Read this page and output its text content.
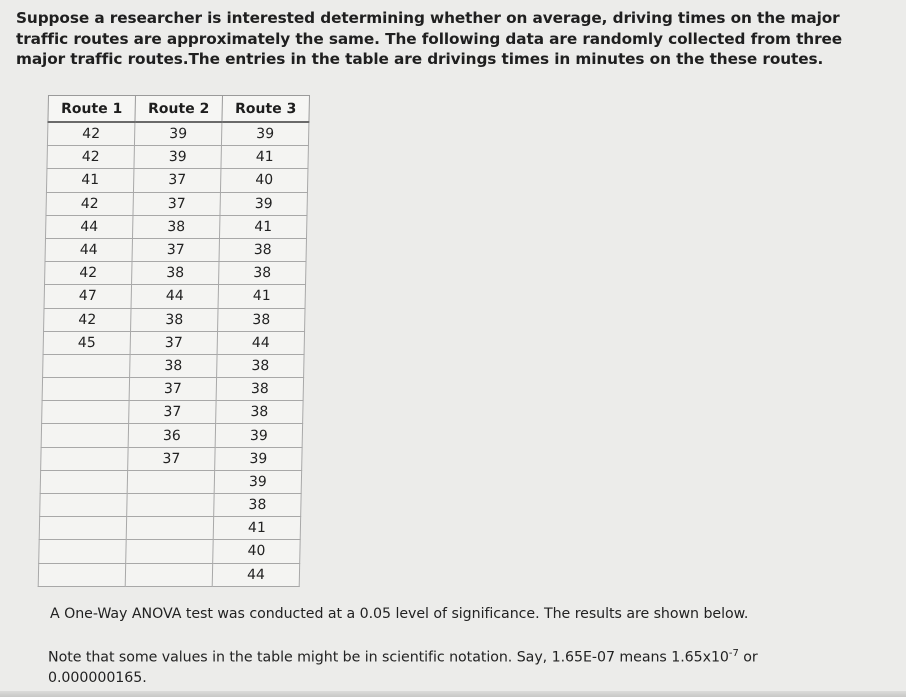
Suppose a researcher is interested determining whether on average, driving times on the major traffic routes are approximately the same. The following data are randomly collected from three major traffic routes.The entries in the table are drivings times in minutes on the these routes.
Route 1	Route 2	Route 3
42	39	39
42	39	41
41	37	40
42	37	39
44	38	41
44	37	38
42	38	38
47	44	41
42	38	38
45	37	44
	38	38
	37	38
	37	38
	36	39
	37	39
		39
		38
		41
		40
		44
A One-Way ANOVA test was conducted at a 0.05 level of significance. The results are shown below.
Note that some values in the table might be in scientific notation. Say, 1.65E-07 means $1.65x10^{-7}$ or 0.000000165.
